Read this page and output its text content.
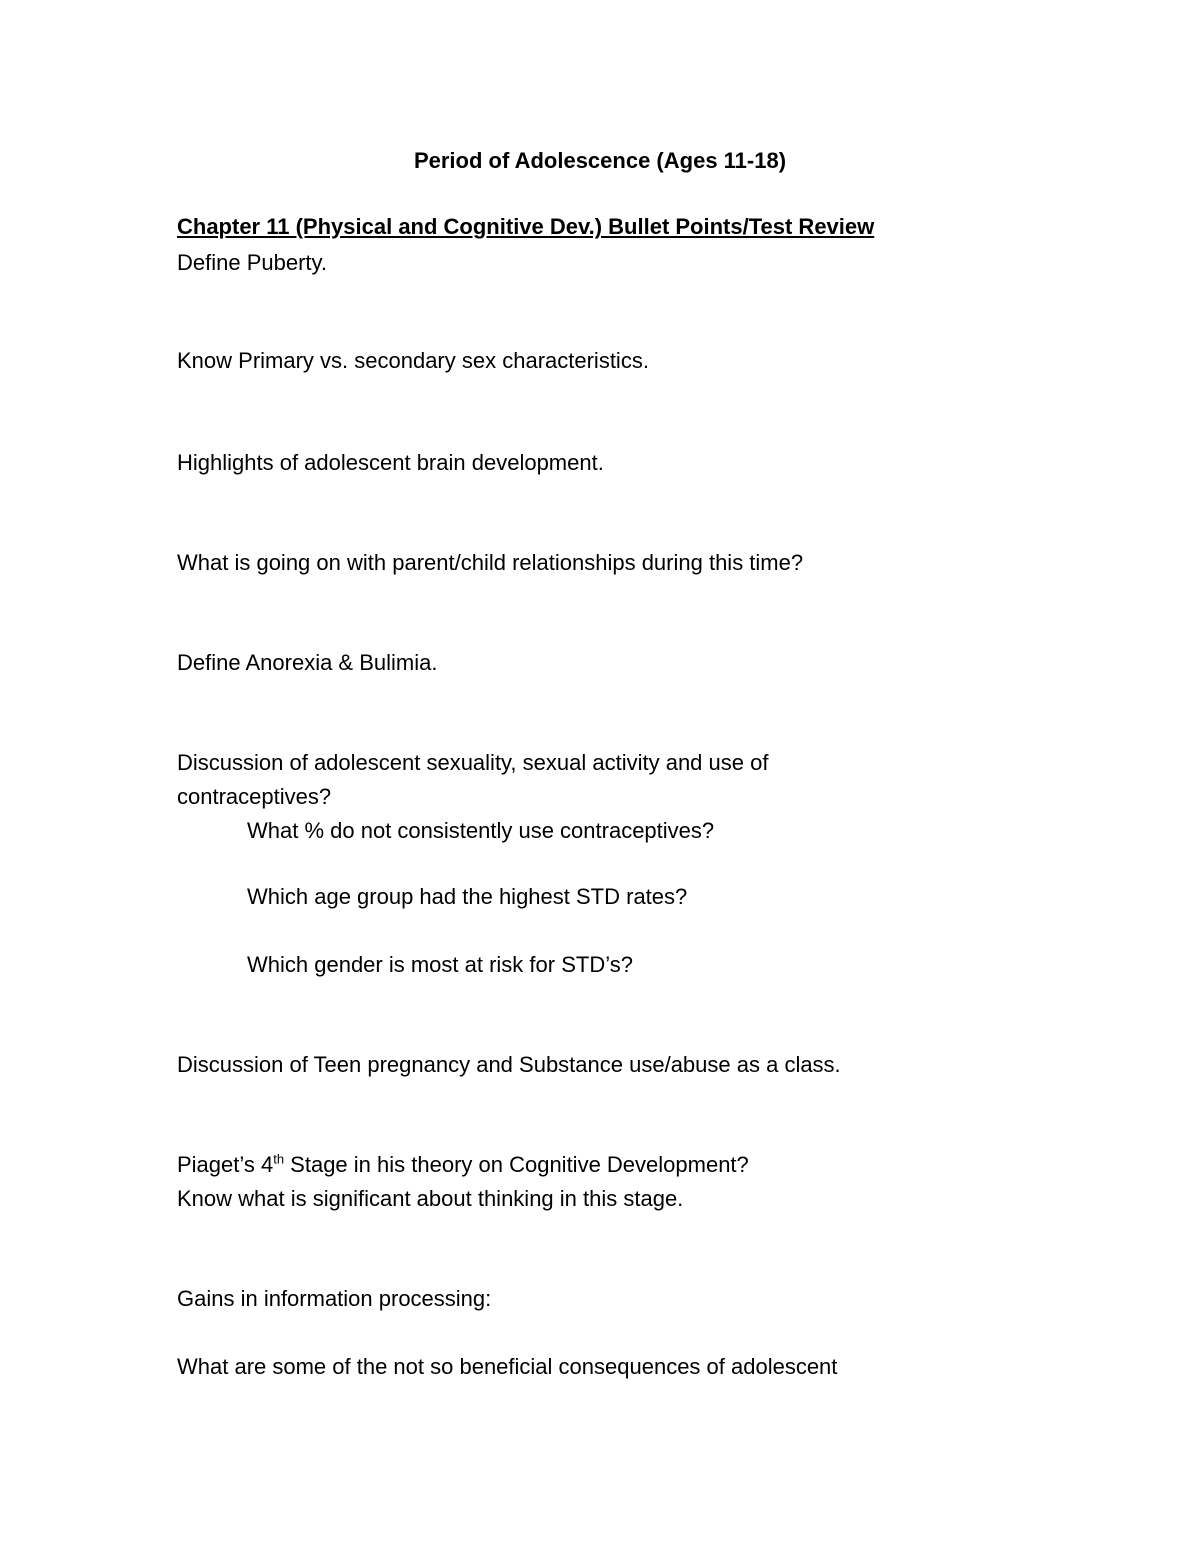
Period of Adolescence (Ages 11-18)
Chapter 11 (Physical and Cognitive Dev.) Bullet Points/Test Review
Define Puberty.
Know Primary vs. secondary sex characteristics.
Highlights of adolescent brain development.
What is going on with parent/child relationships during this time?
Define Anorexia & Bulimia.
Discussion of adolescent sexuality, sexual activity and use of
contraceptives?
What % do not consistently use contraceptives?
Which age group had the highest STD rates?
Which gender is most at risk for STD’s?
Discussion of Teen pregnancy and Substance use/abuse as a class.
Piaget’s 4th Stage in his theory on Cognitive Development?
Know what is significant about thinking in this stage.
Gains in information processing:
What are some of the not so beneficial consequences of adolescent
